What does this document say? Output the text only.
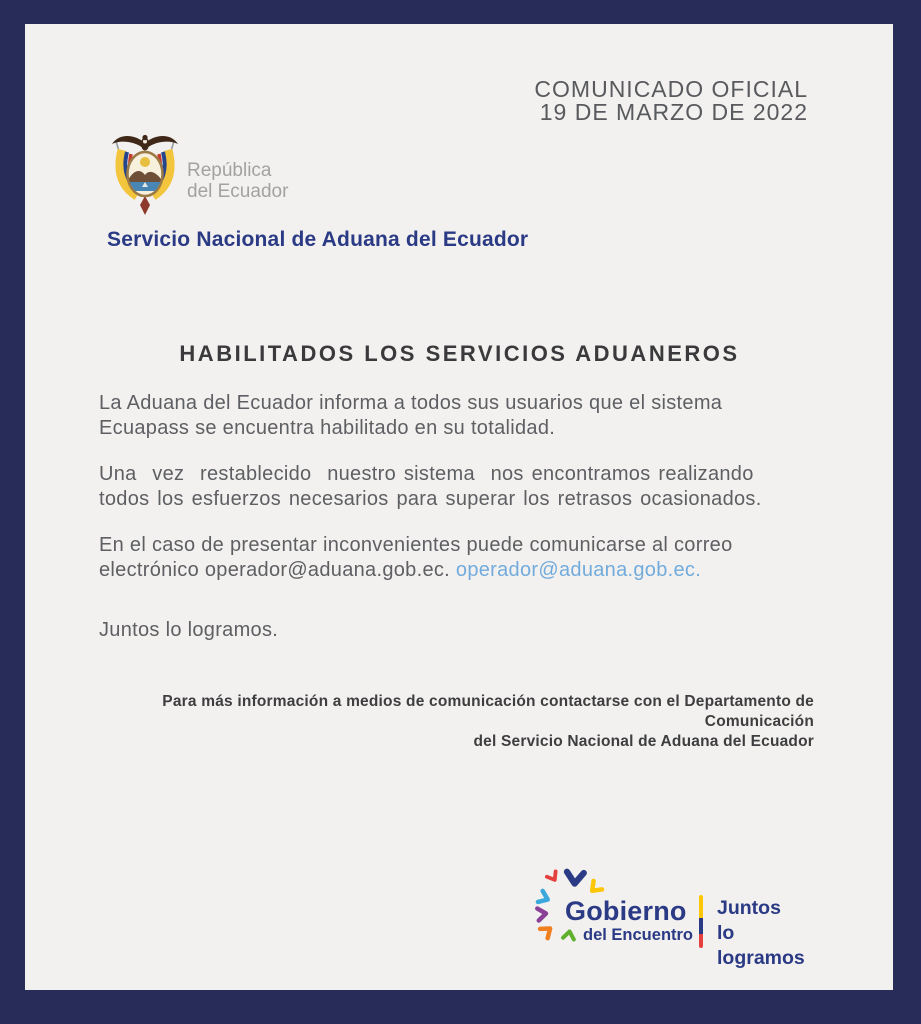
COMUNICADO OFICIAL
19 DE MARZO DE 2022
República
del Ecuador
Servicio Nacional de Aduana del Ecuador
HABILITADOS LOS SERVICIOS ADUANEROS

La Aduana del Ecuador informa a todos sus usuarios que el sistema
Ecuapass se encuentra habilitado en su totalidad.

Una  vez  restablecido  nuestro sistema  nos encontramos realizando
todos los esfuerzos necesarios para superar los retrasos ocasionados.

En el caso de presentar inconvenientes puede comunicarse al correo
electrónico operador@aduana.gob.ec. operador@aduana.gob.ec.

Juntos lo logramos.
Para más información a medios de comunicación contactarse con el Departamento de Comunicación
del Servicio Nacional de Aduana del Ecuador
Gobierno
del Encuentro
Juntos
lo logramos
